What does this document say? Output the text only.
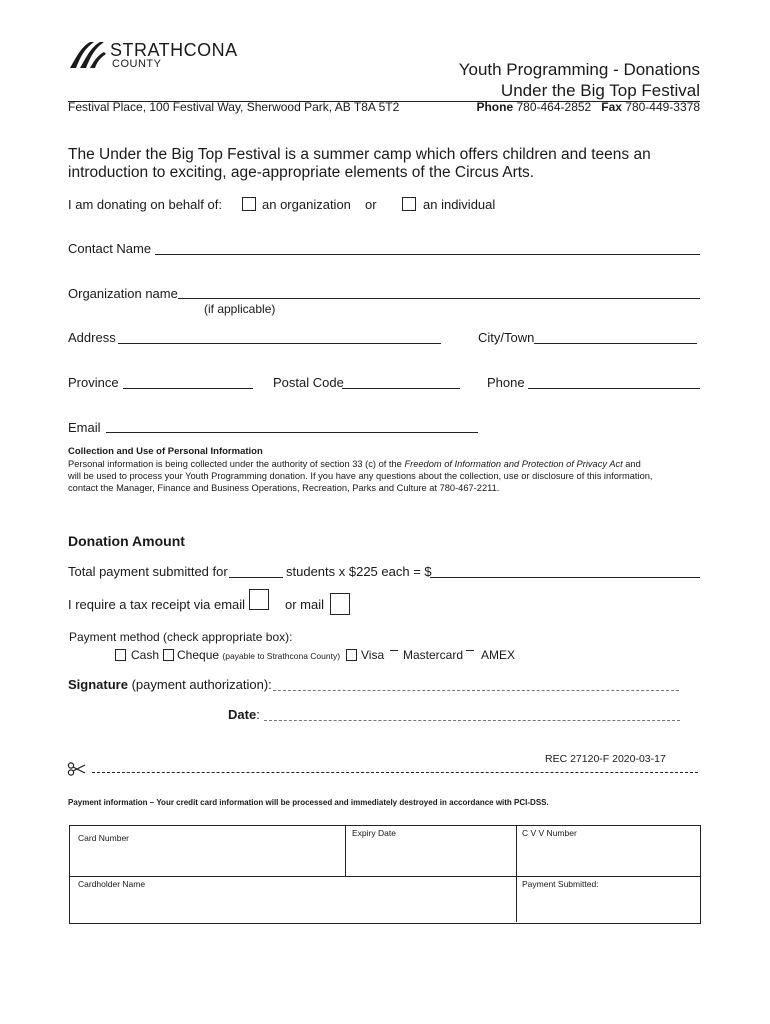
STRATHCONA
COUNTY	Youth Programming - Donations
Under the Big Top Festival
Festival Place, 100 Festival Way, Sherwood Park, AB T8A 5T2	Phone 780-464-2852 Fax 780-449-3378
The Under the Big Top Festival is a summer camp which offers children and teens an
introduction to exciting, age-appropriate elements of the Circus Arts.
I am donating on behalf of:	an organization or	an individual
Contact Name
Organization name
(if applicable)
Address	City/Town
Province	Postal Code	Phone
Email
Collection and Use of Personal Information
Personal information is being collected under the authority of section 33 (c) of the Freedom of Information and Protection of Privacy Act and
will be used to process your Youth Programming donation. If you have any questions about the collection, use or disclosure of this information,
contact the Manager, Finance and Business Operations, Recreation, Parks and Culture at 780-467-2211.
Donation Amount
Total payment submitted for	students x $225 each = $
I require a tax receipt via email	or mail
Payment method (check appropriate box):
Cash Cheque (payable to Strathcona County) Visa Mastercard AMEX
Signature (payment authorization):
Date:
REC 27120-F 2020-03-17
Payment information – Your credit card information will be processed and immediately destroyed in accordance with PCI-DSS.
Card Number	Expiry Date	C V V Number
Cardholder Name	Payment Submitted:
